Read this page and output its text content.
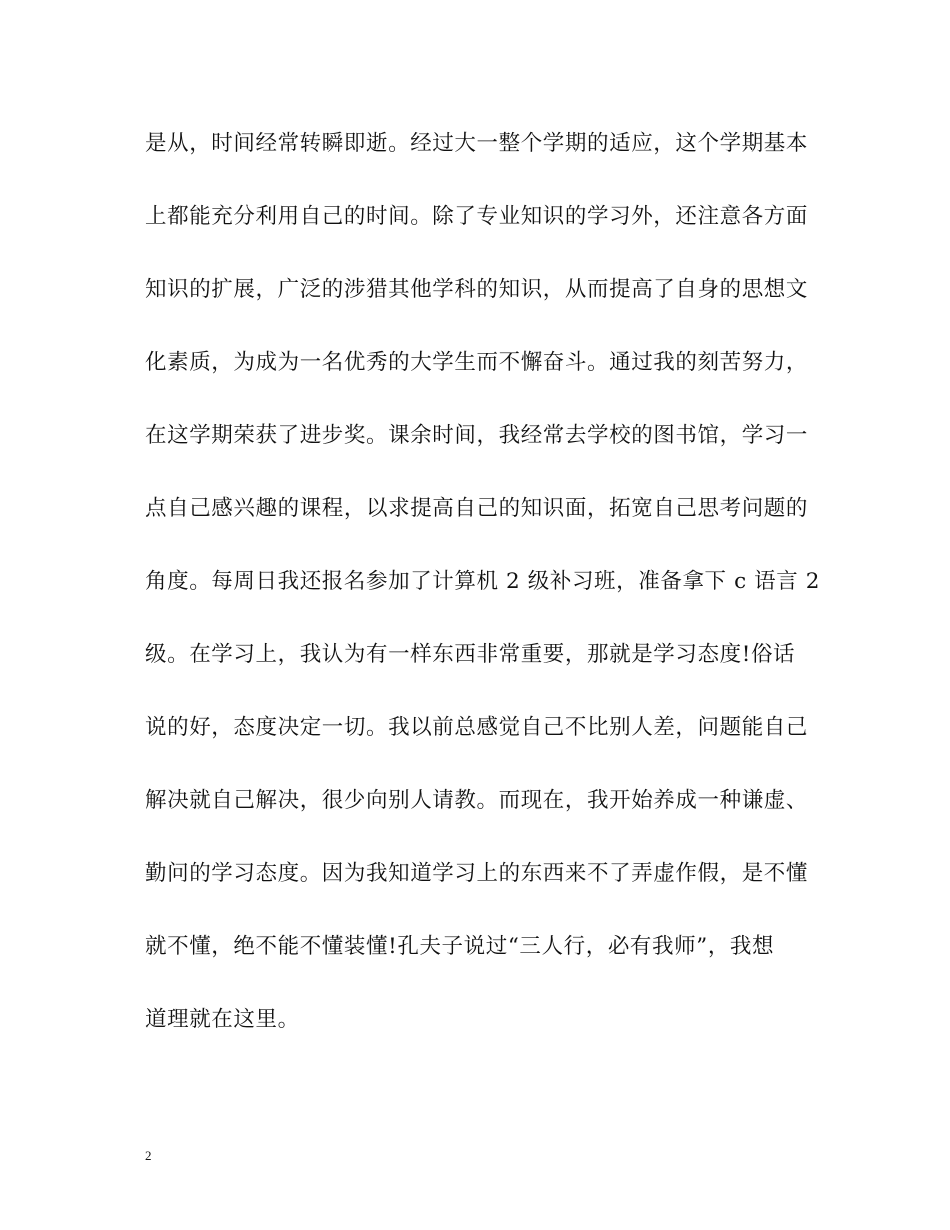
是从，时间经常转瞬即逝。经过大一整个学期的适应，这个学期基本
上都能充分利用自己的时间。除了专业知识的学习外，还注意各方面
知识的扩展，广泛的涉猎其他学科的知识，从而提高了自身的思想文
化素质，为成为一名优秀的大学生而不懈奋斗。通过我的刻苦努力，
在这学期荣获了进步奖。课余时间，我经常去学校的图书馆，学习一
点自己感兴趣的课程，以求提高自己的知识面，拓宽自己思考问题的
角度。每周日我还报名参加了计算机 2 级补习班，准备拿下 c 语言 2
级。在学习上，我认为有一样东西非常重要，那就是学习态度!俗话
说的好，态度决定一切。我以前总感觉自己不比别人差，问题能自己
解决就自己解决，很少向别人请教。而现在，我开始养成一种谦虚、
勤问的学习态度。因为我知道学习上的东西来不了弄虚作假，是不懂
就不懂，绝不能不懂装懂!孔夫子说过“三人行，必有我师”，我想
道理就在这里。
2
